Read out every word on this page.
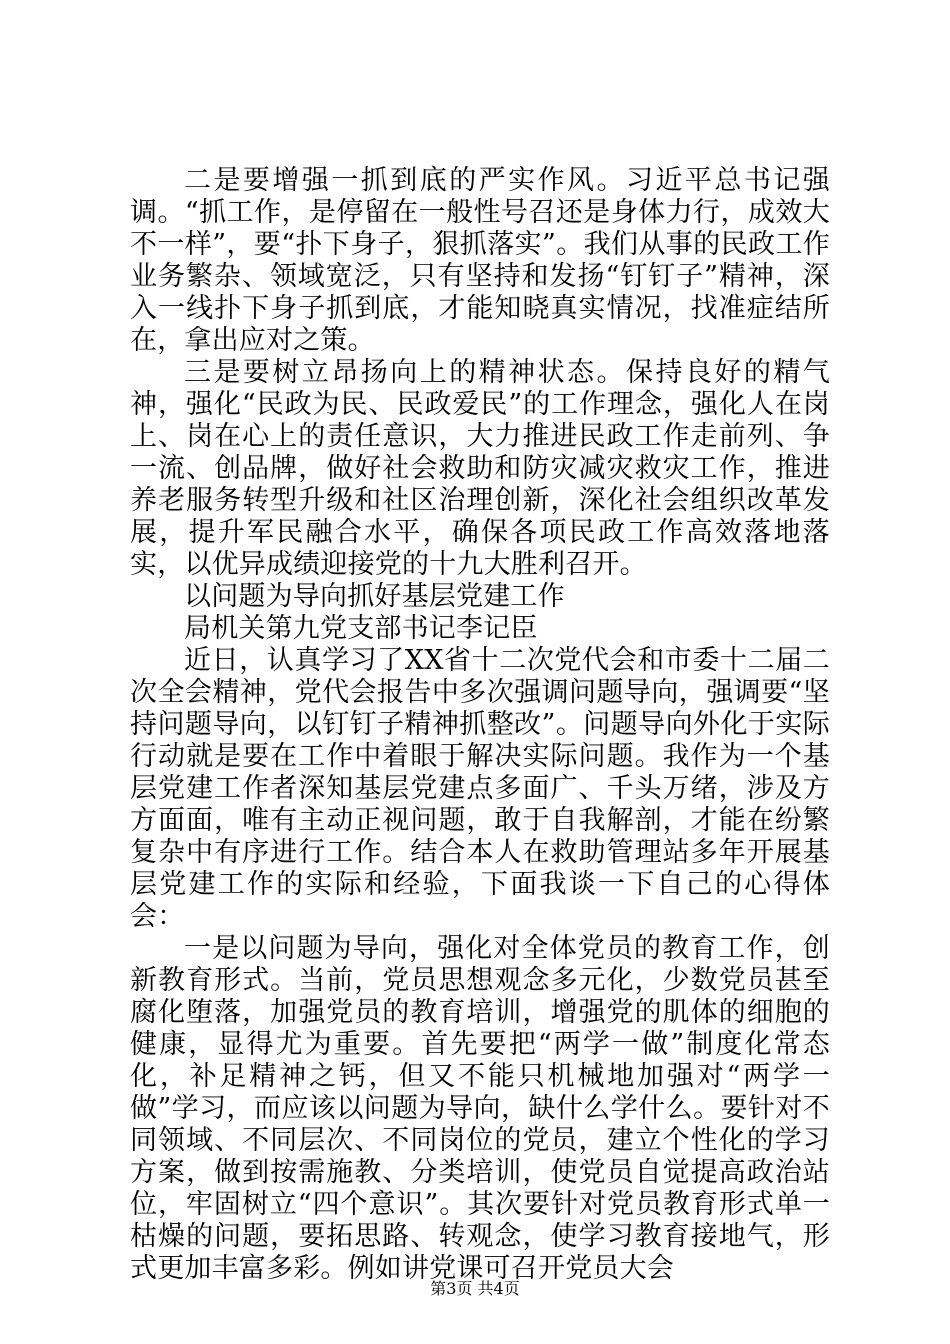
二是要增强一抓到底的严实作风。习近平总书记强调。“抓工作，是停留在一般性号召还是身体力行，成效大不一样”，要“扑下身子，狠抓落实”。我们从事的民政工作业务繁杂、领域宽泛，只有坚持和发扬“钉钉子”精神，深入一线扑下身子抓到底，才能知晓真实情况，找准症结所在，拿出应对之策。

三是要树立昂扬向上的精神状态。保持良好的精气神，强化“民政为民、民政爱民”的工作理念，强化人在岗上、岗在心上的责任意识，大力推进民政工作走前列、争一流、创品牌，做好社会救助和防灾减灾救灾工作，推进养老服务转型升级和社区治理创新，深化社会组织改革发展，提升军民融合水平，确保各项民政工作高效落地落实，以优异成绩迎接党的十九大胜利召开。

以问题为导向抓好基层党建工作

局机关第九党支部书记李记臣

近日，认真学习了XX省十二次党代会和市委十二届二次全会精神，党代会报告中多次强调问题导向，强调要“坚持问题导向，以钉钉子精神抓整改”。问题导向外化于实际行动就是要在工作中着眼于解决实际问题。我作为一个基层党建工作者深知基层党建点多面广、千头万绪，涉及方方面面，唯有主动正视问题，敢于自我解剖，才能在纷繁复杂中有序进行工作。结合本人在救助管理站多年开展基层党建工作的实际和经验，下面我谈一下自己的心得体会：

一是以问题为导向，强化对全体党员的教育工作，创新教育形式。当前，党员思想观念多元化，少数党员甚至腐化堕落，加强党员的教育培训，增强党的肌体的细胞的健康，显得尤为重要。首先要把“两学一做”制度化常态化，补足精神之钙，但又不能只机械地加强对“两学一做”学习，而应该以问题为导向，缺什么学什么。要针对不同领域、不同层次、不同岗位的党员，建立个性化的学习方案，做到按需施教、分类培训，使党员自觉提高政治站位，牢固树立“四个意识”。其次要针对党员教育形式单一枯燥的问题，要拓思路、转观念，使学习教育接地气，形式更加丰富多彩。例如讲党课可召开党员大会

第3页 共4页
